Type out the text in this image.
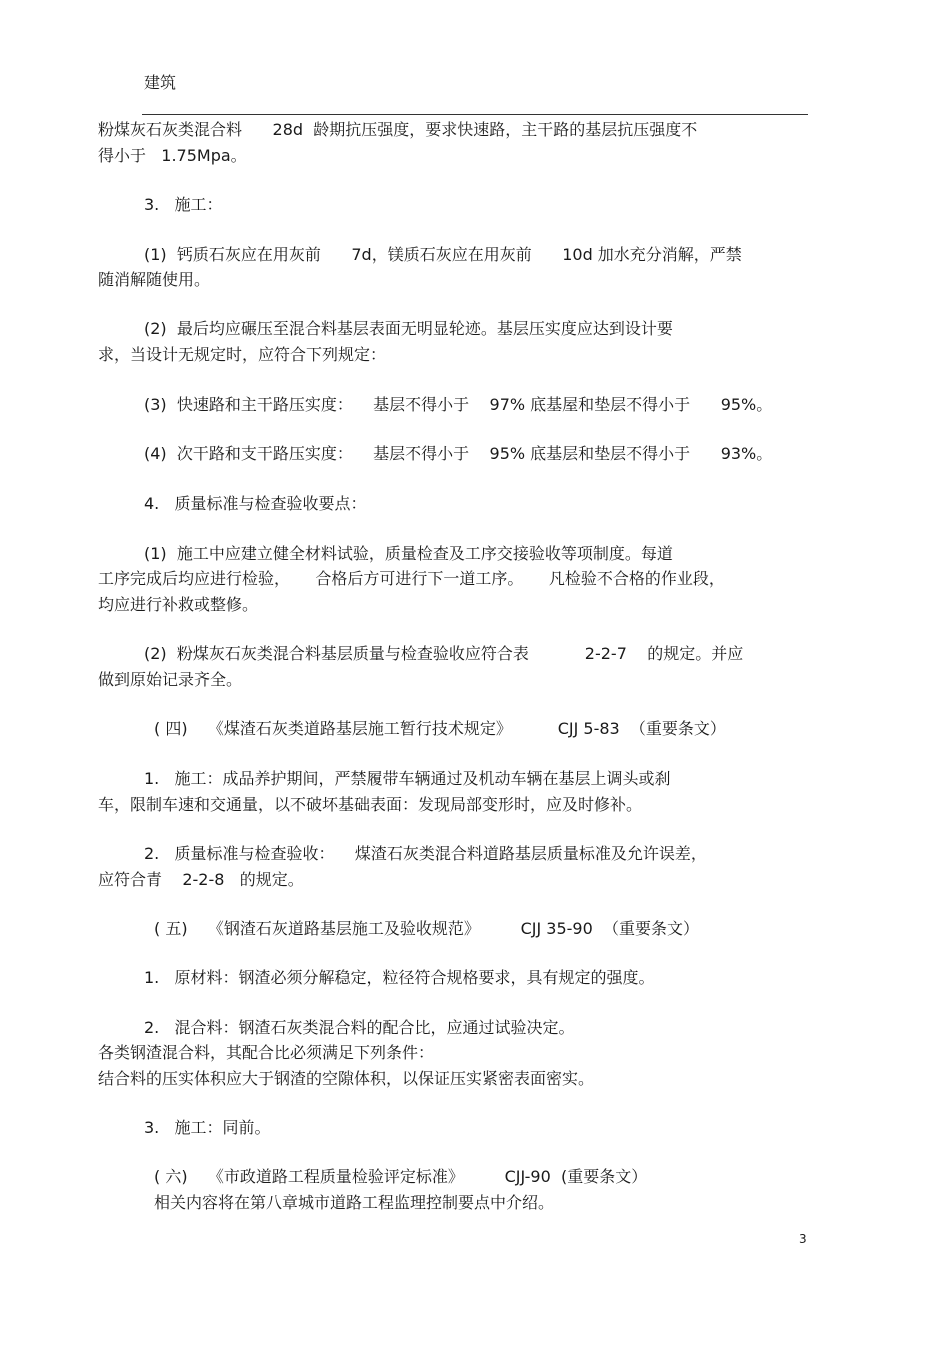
建筑
粉煤灰石灰类混合料      28d  龄期抗压强度，要求快速路，主干路的基层抗压强度不
得小于   1.75Mpa。
3.   施工：
(1)  钙质石灰应在用灰前      7d，镁质石灰应在用灰前      10d 加水充分消解，严禁
随消解随使用。
(2)  最后均应碾压至混合料基层表面无明显轮迹。基层压实度应达到设计要
求，当设计无规定时，应符合下列规定：
(3)  快速路和主干路压实度：    基层不得小于    97% 底基屋和垫层不得小于      95%。
(4)  次干路和支干路压实度：    基层不得小于    95% 底基层和垫层不得小于      93%。
4.   质量标准与检查验收要点：
(1)  施工中应建立健全材料试验，质量检查及工序交接验收等项制度。每道
工序完成后均应进行检验，     合格后方可进行下一道工序。     凡检验不合格的作业段，
均应进行补救或整修。
(2)  粉煤灰石灰类混合料基层质量与检查验收应符合表           2-2-7    的规定。并应
做到原始记录齐全。
( 四)    《煤渣石灰类道路基层施工暂行技术规定》         CJJ 5-83  （重要条文）
1.   施工：成品养护期间，严禁履带车辆通过及机动车辆在基层上调头或刹
车，限制车速和交通量，以不破坏基础表面：发现局部变形时，应及时修补。
2.   质量标准与检查验收：    煤渣石灰类混合料道路基层质量标准及允许误差，
应符合青    2-2-8   的规定。
( 五)    《钢渣石灰道路基层施工及验收规范》        CJJ 35-90  （重要条文）
1.   原材料：钢渣必须分解稳定，粒径符合规格要求，具有规定的强度。
2.   混合料：钢渣石灰类混合料的配合比，应通过试验决定。
各类钢渣混合料，其配合比必须满足下列条件：
结合料的压实体积应大于钢渣的空隙体积，以保证压实紧密表面密实。
3.   施工：同前。
( 六)    《市政道路工程质量检验评定标准》        CJJ-90  (重要条文）
相关内容将在第八章城市道路工程监理控制要点中介绍。
3
